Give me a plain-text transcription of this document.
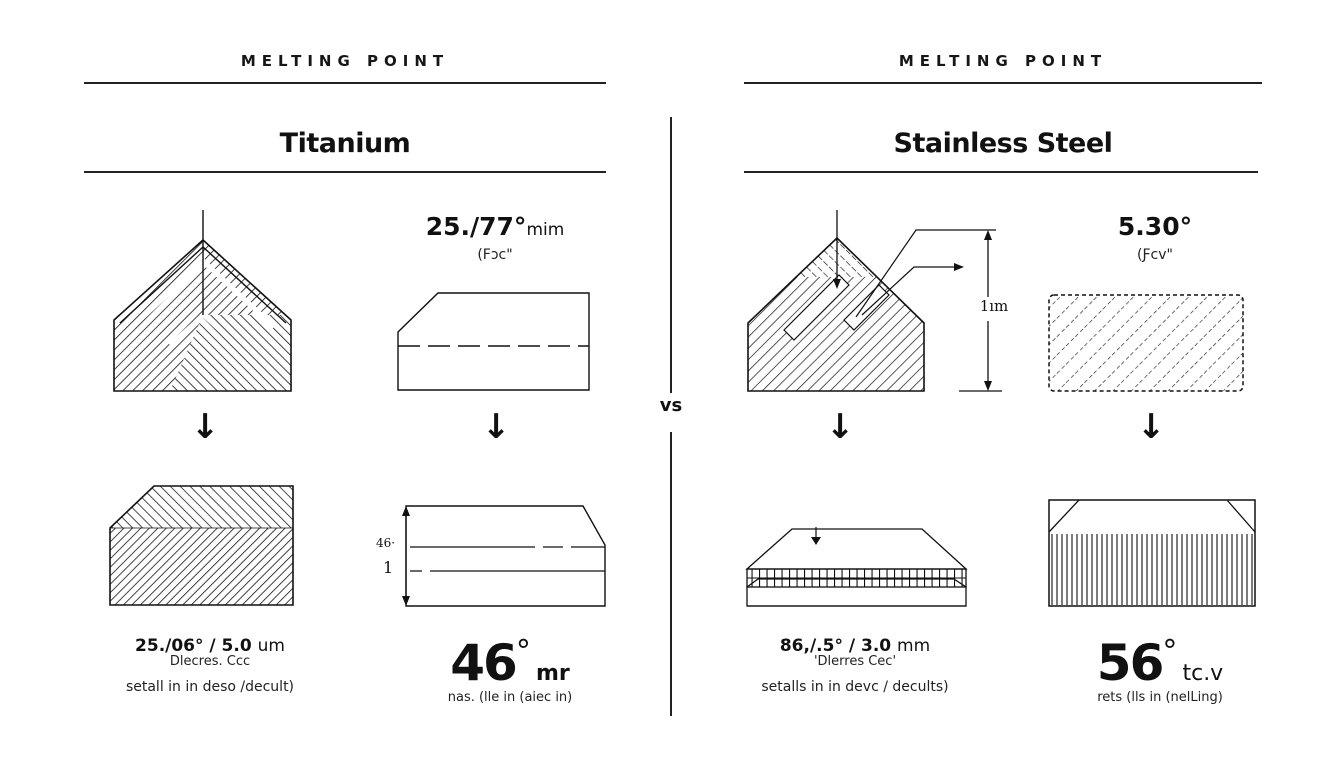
MELTING POINT
Titanium
MELTING POINT
Stainless Steel
vs
25./77°mim
(Fɔc"
↓	↓
46·
1
25./06° / 5.0 um
Dlecres. Ccc
setall in in deso /decult)	46° mr
nas. (lle in (aiec in)
1ım
5.30°
(Ƒcv"
↓	↓
86,/.5° / 3.0 mm
'Dlerres Cec'
setalls in in devc / decults)	56° tc.v
rets (lls in (nelLing)
